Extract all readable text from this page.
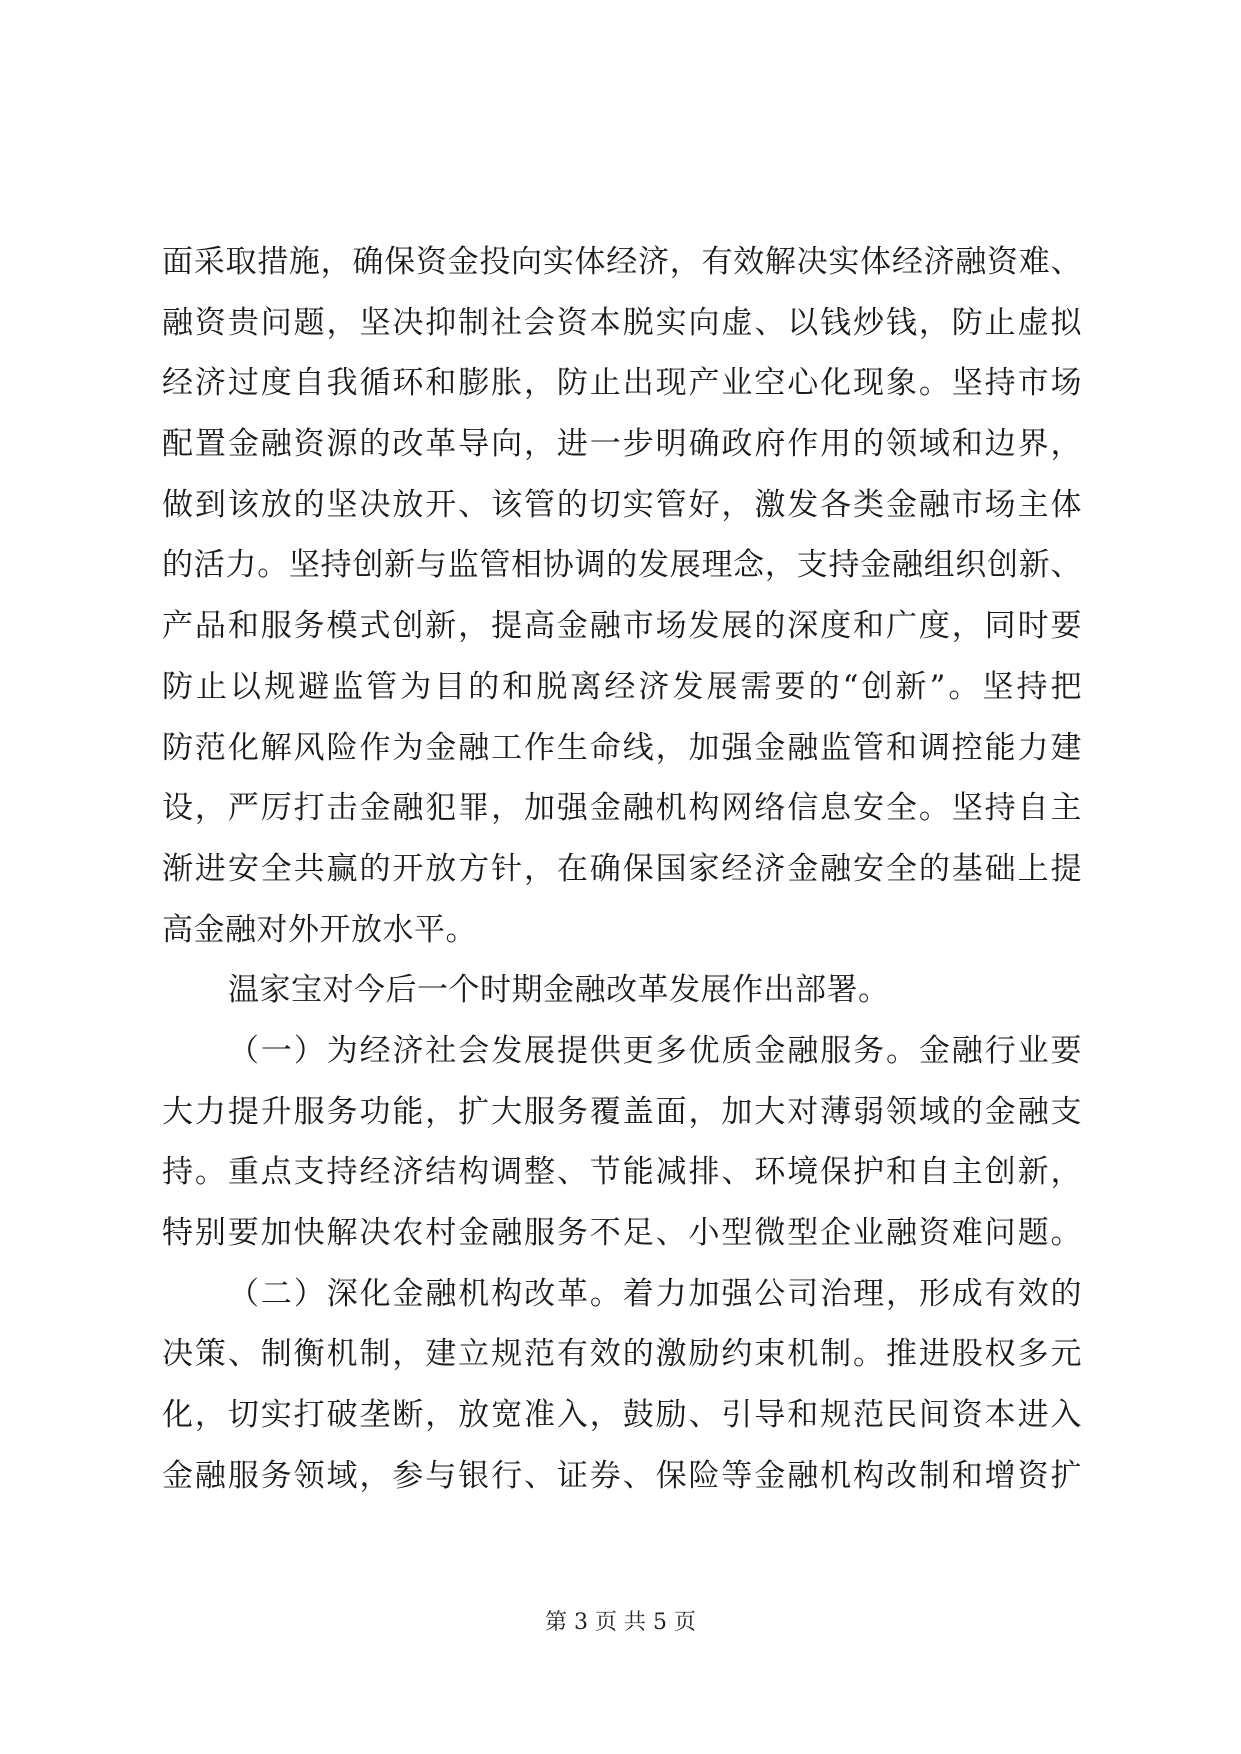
面采取措施，确保资金投向实体经济，有效解决实体经济融资难、
融资贵问题，坚决抑制社会资本脱实向虚、以钱炒钱，防止虚拟
经济过度自我循环和膨胀，防止出现产业空心化现象。坚持市场
配置金融资源的改革导向，进一步明确政府作用的领域和边界，
做到该放的坚决放开、该管的切实管好，激发各类金融市场主体
的活力。坚持创新与监管相协调的发展理念，支持金融组织创新、
产品和服务模式创新，提高金融市场发展的深度和广度，同时要
防止以规避监管为目的和脱离经济发展需要的“创新”。坚持把
防范化解风险作为金融工作生命线，加强金融监管和调控能力建
设，严厉打击金融犯罪，加强金融机构网络信息安全。坚持自主
渐进安全共赢的开放方针，在确保国家经济金融安全的基础上提
高金融对外开放水平。
温家宝对今后一个时期金融改革发展作出部署。
（一）为经济社会发展提供更多优质金融服务。金融行业要
大力提升服务功能，扩大服务覆盖面，加大对薄弱领域的金融支
持。重点支持经济结构调整、节能减排、环境保护和自主创新，
特别要加快解决农村金融服务不足、小型微型企业融资难问题。
（二）深化金融机构改革。着力加强公司治理，形成有效的
决策、制衡机制，建立规范有效的激励约束机制。推进股权多元
化，切实打破垄断，放宽准入，鼓励、引导和规范民间资本进入
金融服务领域，参与银行、证券、保险等金融机构改制和增资扩
第 3 页 共 5 页
